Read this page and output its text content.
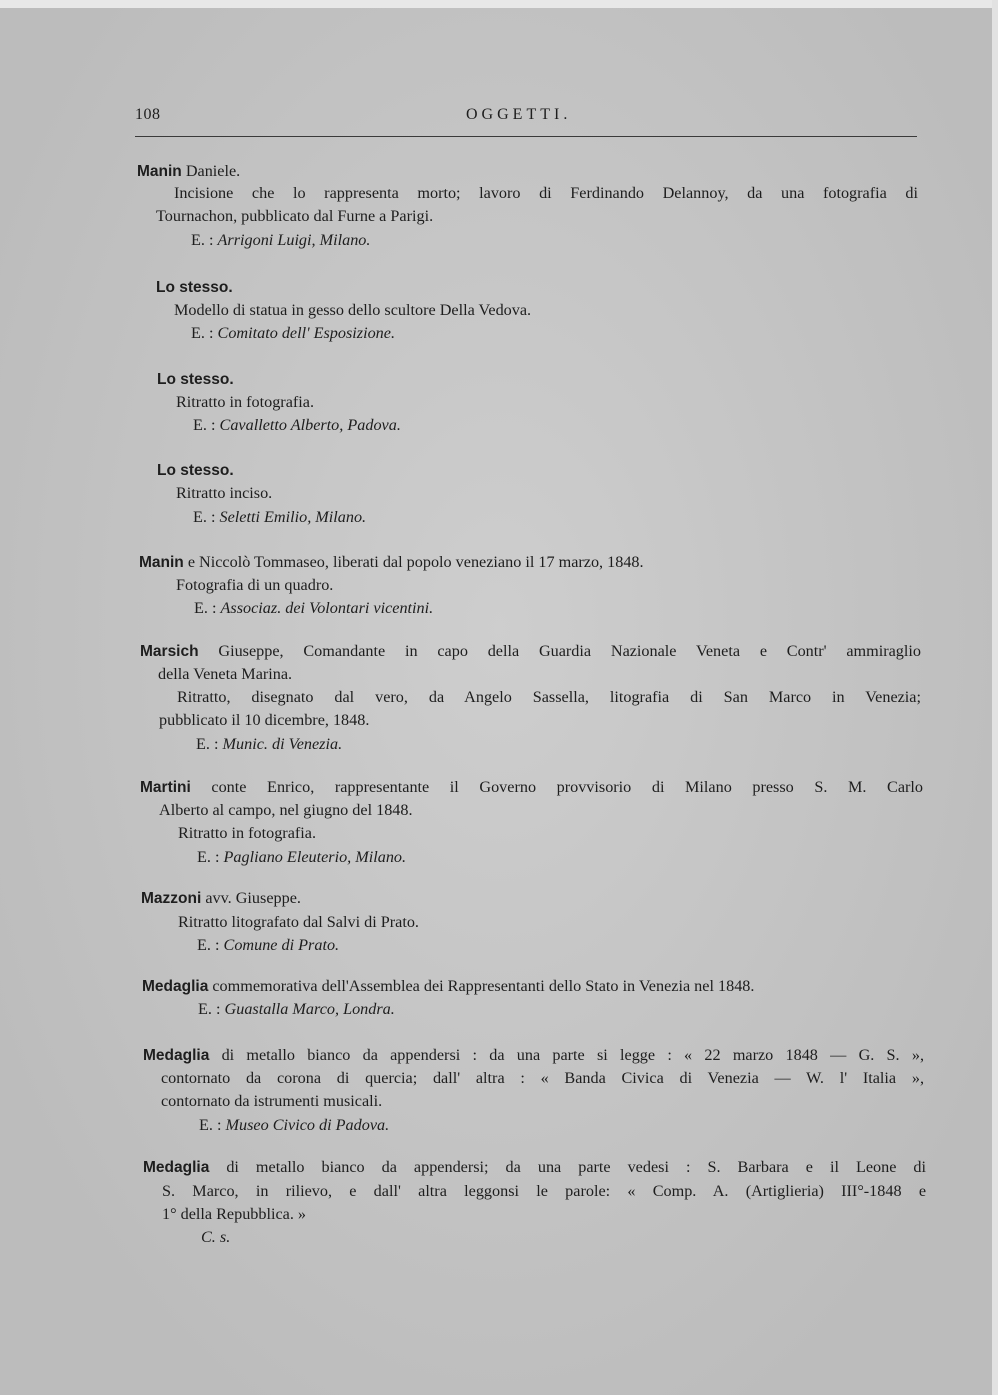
108	OGGETTI.
Manin Daniele.
Incisione che lo rappresenta morto; lavoro di Ferdinando Delannoy, da una fotografia di
Tournachon, pubblicato dal Furne a Parigi.
E. : Arrigoni Luigi, Milano.
Lo stesso.
Modello di statua in gesso dello scultore Della Vedova.
E. : Comitato dell' Esposizione.
Lo stesso.
Ritratto in fotografia.
E. : Cavalletto Alberto, Padova.
Lo stesso.
Ritratto inciso.
E. : Seletti Emilio, Milano.
Manin e Niccolò Tommaseo, liberati dal popolo veneziano il 17 marzo, 1848.
Fotografia di un quadro.
E. : Associaz. dei Volontari vicentini.
Marsich Giuseppe, Comandante in capo della Guardia Nazionale Veneta e Contr' ammiraglio
della Veneta Marina.
Ritratto, disegnato dal vero, da Angelo Sassella, litografia di San Marco in Venezia;
pubblicato il 10 dicembre, 1848.
E. : Munic. di Venezia.
Martini conte Enrico, rappresentante il Governo provvisorio di Milano presso S. M. Carlo
Alberto al campo, nel giugno del 1848.
Ritratto in fotografia.
E. : Pagliano Eleuterio, Milano.
Mazzoni avv. Giuseppe.
Ritratto litografato dal Salvi di Prato.
E. : Comune di Prato.
Medaglia commemorativa dell'Assemblea dei Rappresentanti dello Stato in Venezia nel 1848.
E. : Guastalla Marco, Londra.
Medaglia di metallo bianco da appendersi : da una parte si legge : « 22 marzo 1848 — G. S. »,
contornato da corona di quercia; dall' altra : « Banda Civica di Venezia — W. l' Italia »,
contornato da istrumenti musicali.
E. : Museo Civico di Padova.
Medaglia di metallo bianco da appendersi; da una parte vedesi : S. Barbara e il Leone di
S. Marco, in rilievo, e dall' altra leggonsi le parole: « Comp. A. (Artiglieria) III°-1848 e
1° della Repubblica. »
C. s.
